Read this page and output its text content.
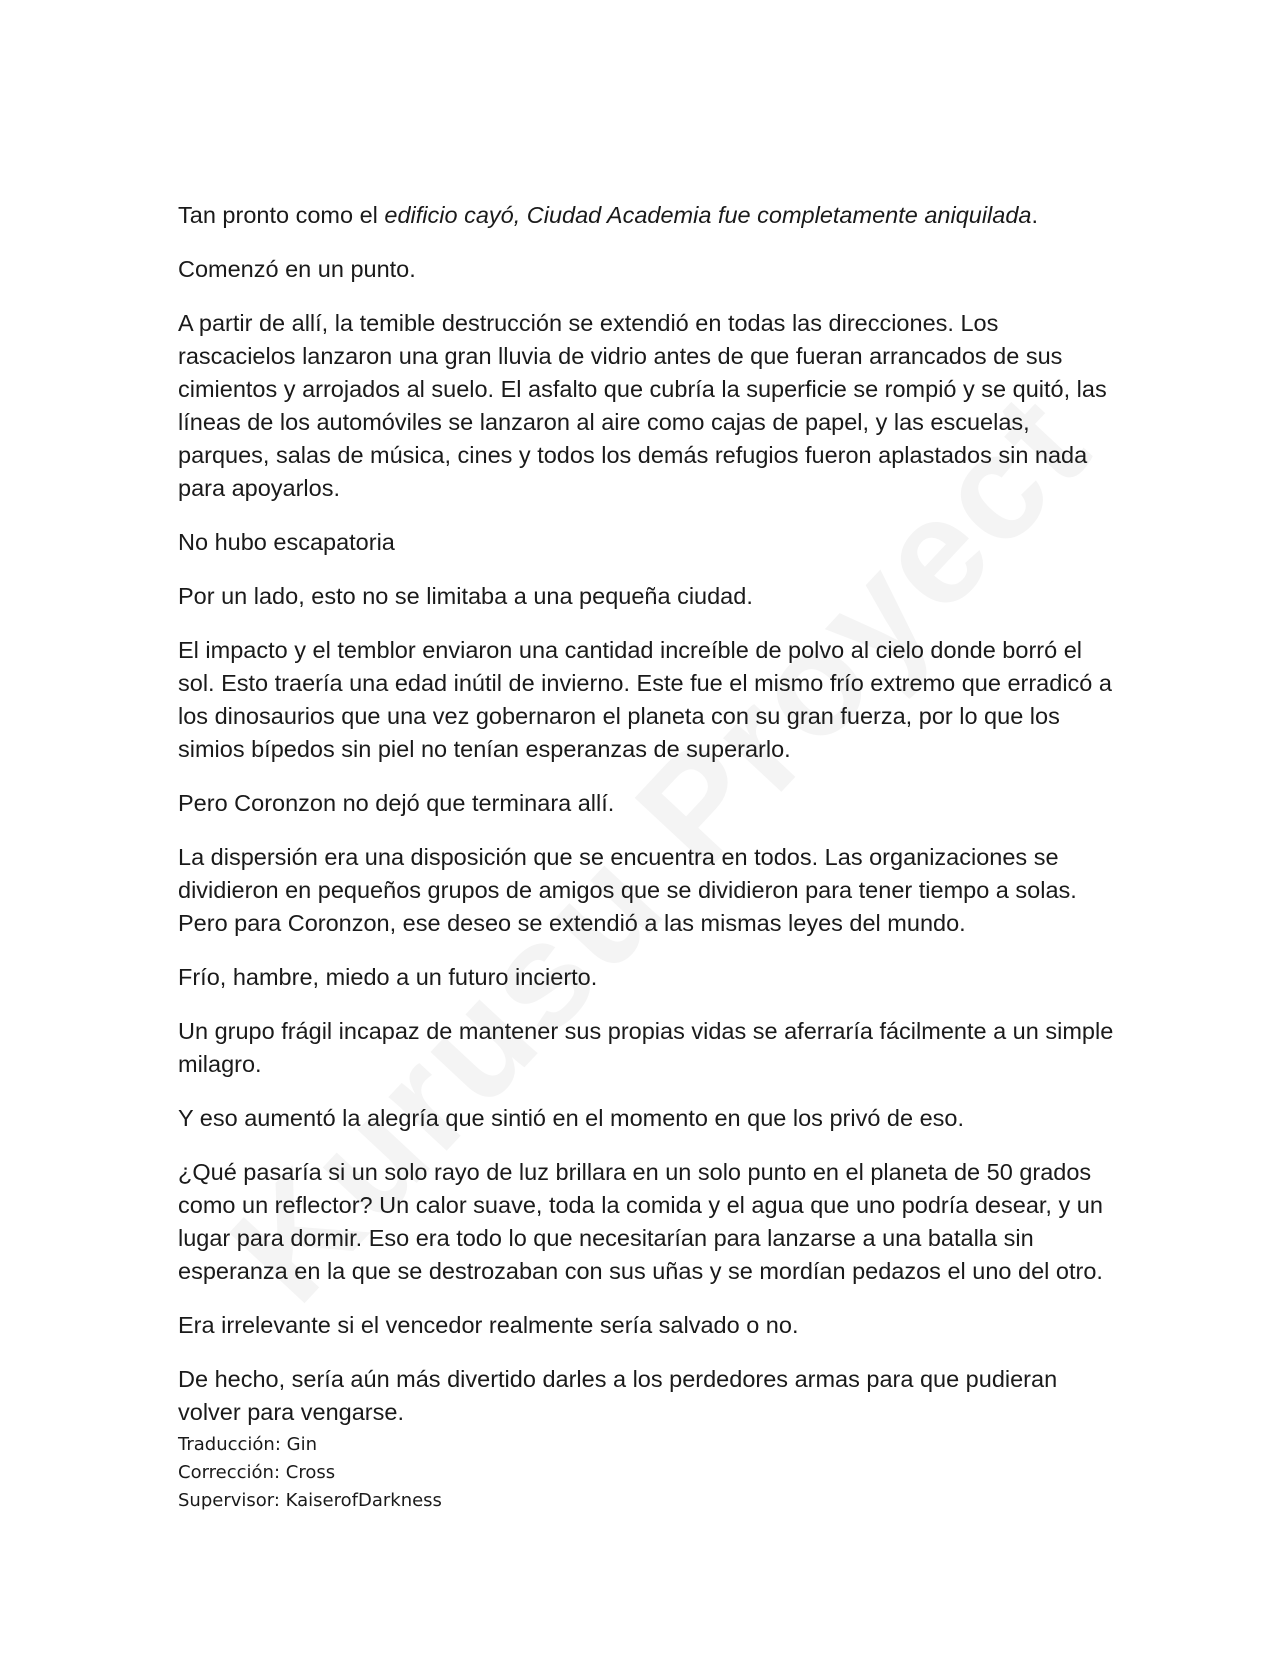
Tan pronto como el edificio cayó, Ciudad Academia fue completamente aniquilada.

Comenzó en un punto.

A partir de allí, la temible destrucción se extendió en todas las direcciones. Los rascacielos lanzaron una gran lluvia de vidrio antes de que fueran arrancados de sus cimientos y arrojados al suelo. El asfalto que cubría la superficie se rompió y se quitó, las líneas de los automóviles se lanzaron al aire como cajas de papel, y las escuelas, parques, salas de música, cines y todos los demás refugios fueron aplastados sin nada para apoyarlos.

No hubo escapatoria

Por un lado, esto no se limitaba a una pequeña ciudad.

El impacto y el temblor enviaron una cantidad increíble de polvo al cielo donde borró el sol. Esto traería una edad inútil de invierno. Este fue el mismo frío extremo que erradicó a los dinosaurios que una vez gobernaron el planeta con su gran fuerza, por lo que los simios bípedos sin piel no tenían esperanzas de superarlo.

Pero Coronzon no dejó que terminara allí.

La dispersión era una disposición que se encuentra en todos. Las organizaciones se dividieron en pequeños grupos de amigos que se dividieron para tener tiempo a solas. Pero para Coronzon, ese deseo se extendió a las mismas leyes del mundo.

Frío, hambre, miedo a un futuro incierto.

Un grupo frágil incapaz de mantener sus propias vidas se aferraría fácilmente a un simple milagro.

Y eso aumentó la alegría que sintió en el momento en que los privó de eso.

¿Qué pasaría si un solo rayo de luz brillara en un solo punto en el planeta de 50 grados como un reflector? Un calor suave, toda la comida y el agua que uno podría desear, y un lugar para dormir. Eso era todo lo que necesitarían para lanzarse a una batalla sin esperanza en la que se destrozaban con sus uñas y se mordían pedazos el uno del otro.

Era irrelevante si el vencedor realmente sería salvado o no.

De hecho, sería aún más divertido darles a los perdedores armas para que pudieran volver para vengarse.

Traducción: Gin
Corrección: Cross
Supervisor: KaiserofDarkness
